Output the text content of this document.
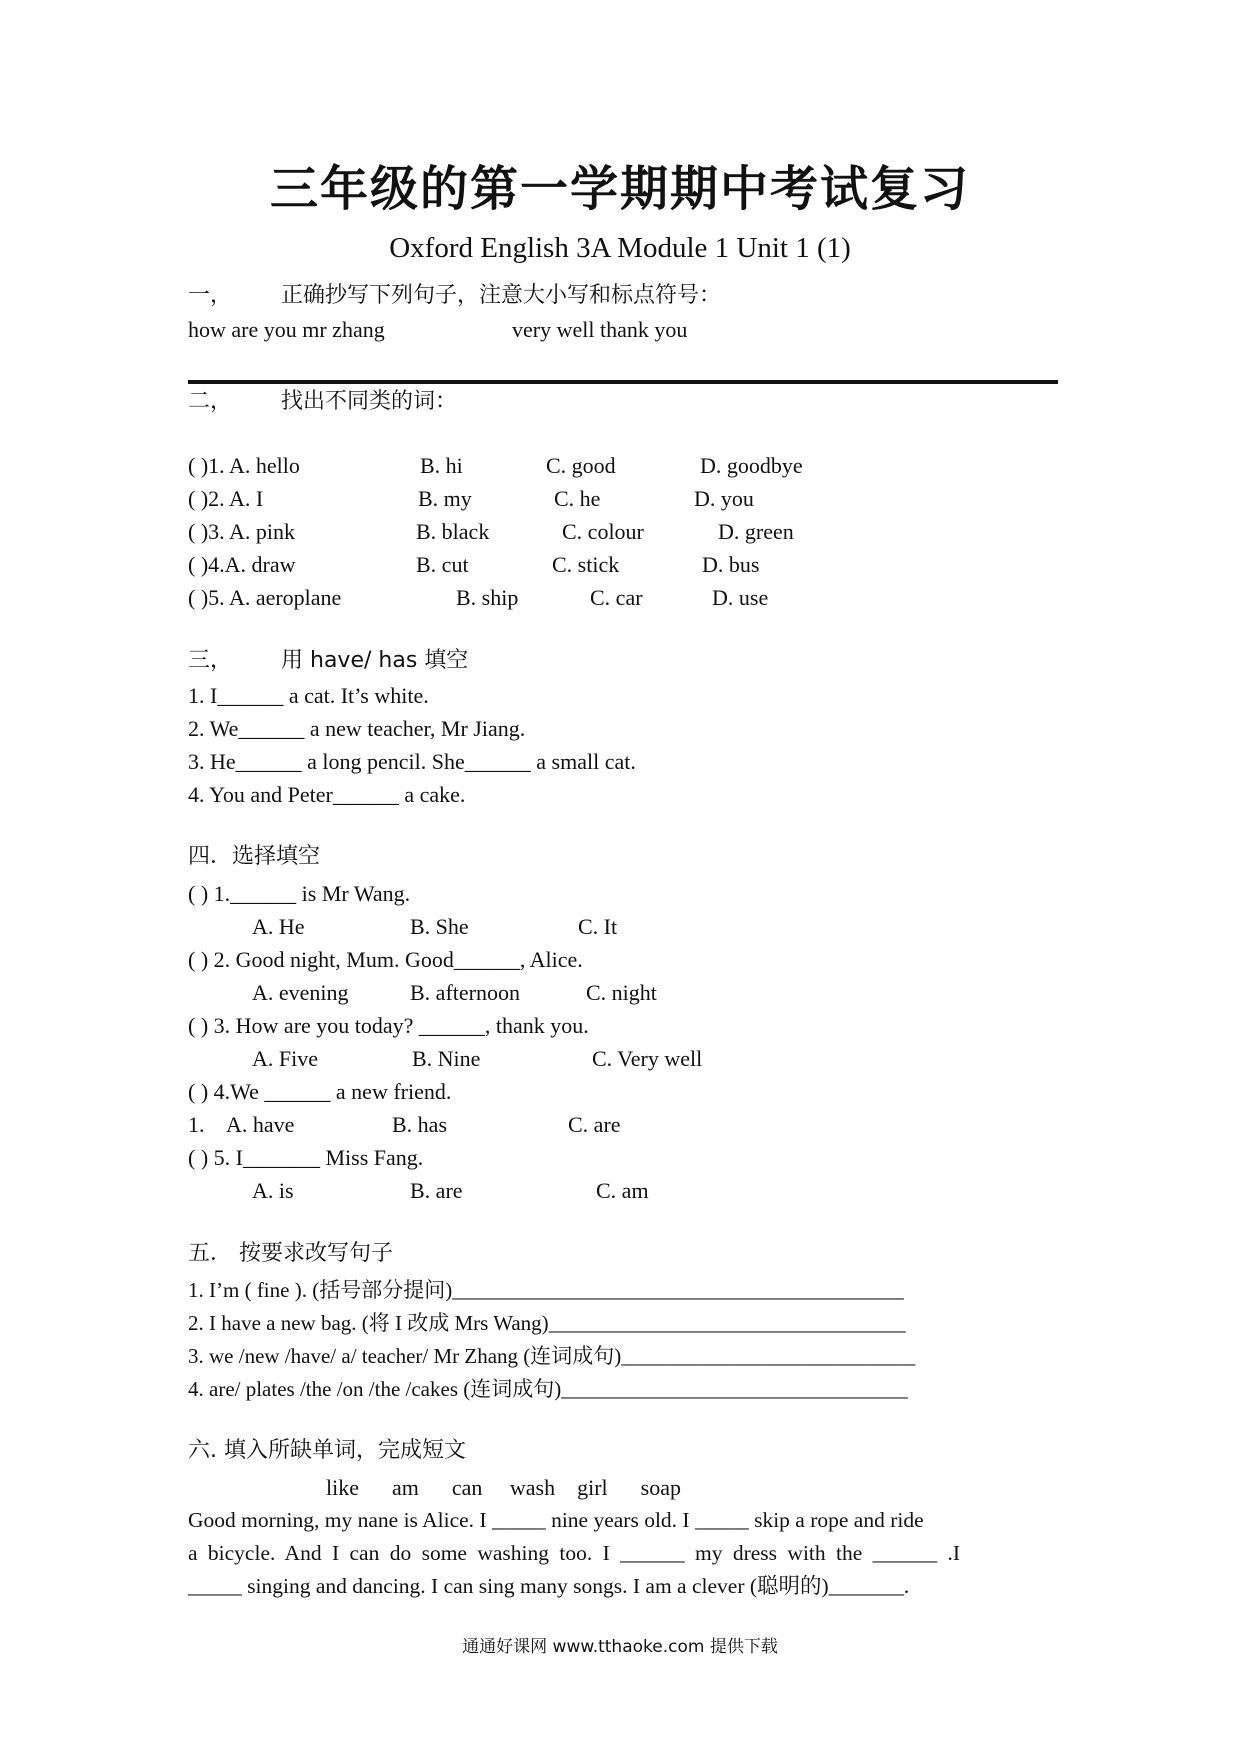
三年级的第一学期期中考试复习
Oxford English 3A Module 1 Unit 1 (1)
一， 正确抄写下列句子，注意大小写和标点符号：
how are you mr zhang	very well thank you
二， 找出不同类的词：
( )1. A. hello	B. hi	C. good	D. goodbye
( )2. A. I	B. my	C. he	D. you
( )3. A. pink	B. black	C. colour	D. green
( )4.A. draw	B. cut	C. stick	D. bus
( )5. A. aeroplane	B. ship	C. car	D. use
三， 用 have/ has 填空
1. I______ a cat. It’s white.
2. We______ a new teacher, Mr Jiang.
3. He______ a long pencil. She______ a small cat.
4. You and Peter______ a cake.
四．选择填空
( ) 1.______ is Mr Wang.
A. He	B. She	C. It
( ) 2. Good night, Mum. Good______, Alice.
A. evening	B. afternoon	C. night
( ) 3. How are you today? ______, thank you.
A. Five	B. Nine	C. Very well
( ) 4.We ______ a new friend.
1. A. have	B. has	C. are
( ) 5. I_______ Miss Fang.
A. is	B. are	C. am
五． 按要求改写句子
1. I’m ( fine ). (括号部分提问)___________________________________________
2. I have a new bag. (将 I 改成 Mrs Wang)__________________________________
3. we /new /have/ a/ teacher/ Mr Zhang (连词成句)____________________________
4. are/ plates /the /on /the /cakes (连词成句)_________________________________
六. 填入所缺单词，完成短文
like      am      can     wash    girl      soap
Good morning, my nane is Alice. I _____ nine years old. I _____ skip a rope and ride
a bicycle. And I can do some washing too. I ______ my dress with the ______ .I
_____ singing and dancing. I can sing many songs. I am a clever (聪明的)_______.
通通好课网 www.tthaoke.com 提供下载
